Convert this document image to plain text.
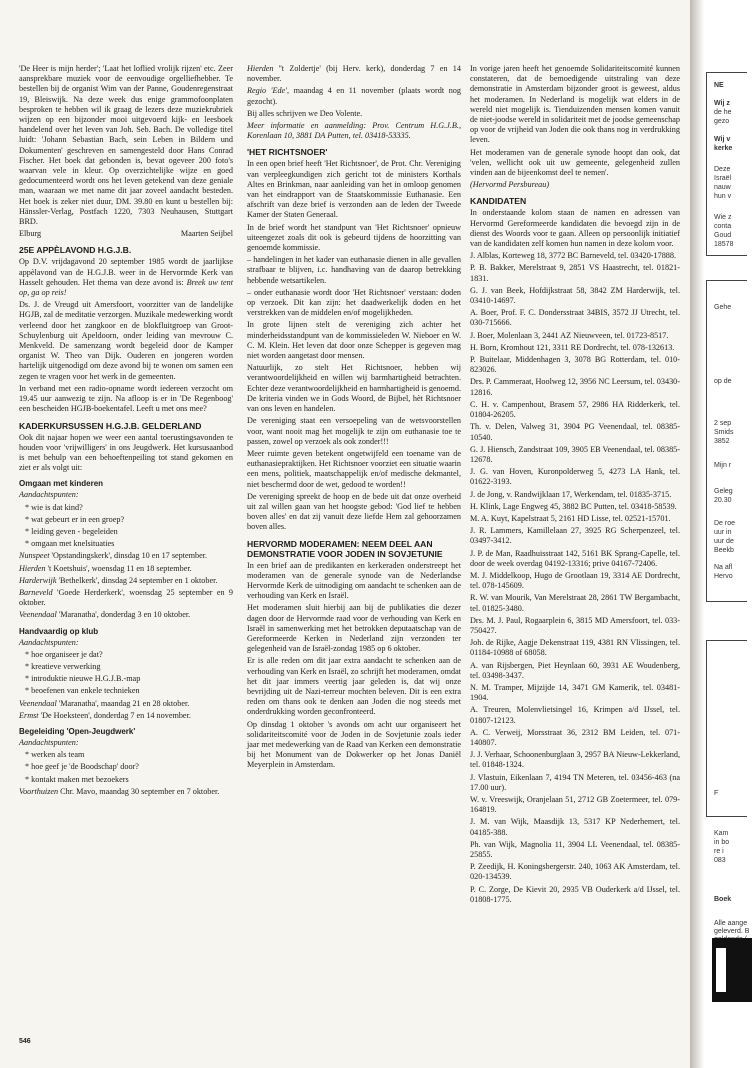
'De Heer is mijn herder'; 'Laat het loflied vrolijk rijzen' etc. Zeer aansprekbare muziek voor de eenvoudige orgelliefhebber. Te bestellen bij de organist Wim van der Panne, Goudenregenstraat 19, Bleiswijk. Na deze week dus enige grammofoonplaten besproken te hebben wil ik graag de lezers deze muziekrubriek wijzen op een bijzonder mooi uitgevoerd kijk- en leesboek handelend over het leven van Joh. Seb. Bach. De volledige titel luidt: 'Johann Sebastian Bach, sein Leben in Bildern und Dokumenten' geschreven en samengesteld door Hans Conrad Fischer. Het boek dat gebonden is, bevat ogeveer 200 foto's waarvan vele in kleur. Op overzichtelijke wijze en goed gedocumenteerd wordt ons het leven getekend van deze geniale man, waaraan we met name dit jaar zoveel aandacht besteden. Het boek is zeker niet duur, DM. 39.80 en kunt u bestellen bij: Hänssler-Verlag, Postfach 1220, 7303 Neuhausen, Stuttgart BRD.

Elburg	Maarten Seijbel
25E APPÈLAVOND H.G.J.B.

Op D.V. vrijdagavond 20 september 1985 wordt de jaarlijkse appèlavond van de H.G.J.B. weer in de Hervormde Kerk van Hasselt gehouden. Het thema van deze avond is: Breek uw tent op, ga op reis!

Ds. J. de Vreugd uit Amersfoort, voorzitter van de landelijke HGJB, zal de meditatie verzorgen. Muzikale medewerking wordt verleend door het zangkoor en de blokfluitgroep van Groot-Schuylenburg uit Apeldoorn, onder leiding van mevrouw C. Menkveld. De samenzang wordt begeleid door de Kamper organist W. Theo van Dijk. Ouderen en jongeren worden hartelijk uitgenodigd om deze avond bij te wonen om samen een zegen te vragen voor het werk in de gemeenten.

In verband met een radio-opname wordt iedereen verzocht om 19.45 uur aanwezig te zijn. Na afloop is er in 'De Regenboog' een bescheiden HGJB-boekentafel. Leeft u met ons mee?

KADERKURSUSSEN H.G.J.B. GELDERLAND

Ook dit najaar hopen we weer een aantal toerustingsavonden te houden voor 'vrijwilligers' in ons Jeugdwerk. Het kursusaanbod is met behulp van een behoeftenpeiling tot stand gekomen en ziet er als volgt uit:

Omgaan met kinderen

Aandachtspunten:

* wie is dat kind?

* wat gebeurt er in een groep?

* leiding geven - begeleiden

* omgaan met knelsituaties

Nunspeet 'Opstandingskerk', dinsdag 10 en 17 september.

Hierden 't Koetshuis', woensdag 11 en 18 september.

Harderwijk 'Bethelkerk', dinsdag 24 september en 1 oktober.

Barneveld 'Goede Herderkerk', woensdag 25 september en 9 oktober.

Veenendaal 'Maranatha', donderdag 3 en 10 oktober.

Handvaardig op klub

Aandachtspunten:

* hoe organiseer je dat?

* kreatieve verwerking

* introduktie nieuwe H.G.J.B.-map

* beoefenen van enkele technieken

Veenendaal 'Maranatha', maandag 21 en 28 oktober.

Ermst 'De Hoeksteen', donderdag 7 en 14 november.

Begeleiding 'Open-Jeugdwerk'

Aandachtspunten:

* werken als team

* hoe geef je 'de Boodschap' door?

* kontakt maken met bezoekers

Voorthuizen Chr. Mavo, maandag 30 september en 7 oktober.

Hierden ''t Zoldertje' (bij Herv. kerk), donderdag 7 en 14 november.

Regio 'Ede', maandag 4 en 11 november (plaats wordt nog gezocht).

Bij alles schrijven we Deo Volente.

Meer informatie en aanmelding: Prov. Centrum H.G.J.B., Korenlaan 10, 3881 DA Putten, tel. 03418-53335.

'HET RICHTSNOER'

In een open brief heeft 'Het Richtsnoer', de Prot. Chr. Vereniging van verpleegkundigen zich gericht tot de ministers Korthals Altes en Brinkman, naar aanleiding van het in omloop genomen van het eindrapport van de Staatskommissie Euthanasie. Een afschrift van deze brief is verzonden aan de leden der Tweede Kamer der Staten Generaal.

In de brief wordt het standpunt van 'Het Richtsnoer' opnieuw uiteengezet zoals dit ook is gebeurd tijdens de hoorzitting van genoemde kommissie.

– handelingen in het kader van euthanasie dienen in alle gevallen strafbaar te blijven, i.c. handhaving van de daarop betrekking hebbende wetsartikelen.

– onder euthanasie wordt door 'Het Richtsnoer' verstaan: doden op verzoek. Dit kan zijn: het daadwerkelijk doden en het verstrekken van de middelen en/of mogelijkheden.

In grote lijnen stelt de vereniging zich achter het minderheidsstandpunt van de kommissieleden W. Nieboer en W. C. M. Klein. Het leven dat door onze Schepper is gegeven mag niet worden aangetast door mensen.

Natuurlijk, zo stelt Het Richtsnoer, hebben wij verantwoordelijkheid en willen wij barmhartigheid betrachten. Echter deze verantwoordelijkheid en barmhartigheid is genoemd. De kriteria vinden we in Gods Woord, de Bijbel, hèt Richtsnoer van ons leven en handelen.

De vereniging staat een versoepeling van de wetsvoorstellen voor, want nooit mag het mogelijk te zijn om euthanasie toe te passen, zowel op verzoek als ook zonder!!!

Meer ruimte geven betekent ongetwijfeld een toename van de euthanasiepraktijken. Het Richtsnoer voorziet een situatie waarin een mens, politiek, maatschappelijk en/of medische dekmantel, niet beschermd door de wet, gedood te worden!!

De vereniging spreekt de hoop en de bede uit dat onze overheid uit zal willen gaan van het hoogste gebod: 'God lief te hebben boven alles' en dat zij vanuit deze liefde Hem zal gehoorzamen boven alles.

HERVORMD MODERAMEN: NEEM DEEL AAN DEMONSTRATIE VOOR JODEN IN SOVJETUNIE

In een brief aan de predikanten en kerkeraden onderstreept het moderamen van de generale synode van de Nederlandse Hervormde Kerk de uitnodiging om aandacht te schenken aan de verhouding van Kerk en Israël.

Het moderamen sluit hierbij aan bij de publikaties die dezer dagen door de Hervormde raad voor de verhouding van Kerk en Israël in samenwerking met het betrokken deputaatschap van de Gereformeerde Kerken in Nederland zijn verzonden ter gelegenheid van de Israël-zondag 1985 op 6 oktober.

Er is alle reden om dit jaar extra aandacht te schenken aan de verhouding van Kerk en Israël, zo schrijft het moderamen, omdat het dit jaar immers veertig jaar geleden is, dat wij onze bevrijding uit de Nazi-terreur mochten beleven. Dit is een extra reden om thans ook te denken aan Joden die nog steeds met onderdrukking worden geconfronteerd.

Op dinsdag 1 oktober 's avonds om acht uur organiseert het solidariteitscomité voor de Joden in de Sovjetunie zoals ieder jaar met medewerking van de Raad van Kerken een demonstratie bij het Monument van de Dokwerker op het Jonas Daniël Meyerplein in Amsterdam.

In vorige jaren heeft het genoemde Solidariteitscomité kunnen constateren, dat de bemoedigende uitstraling van deze demonstratie in Amsterdam bijzonder groot is geweest, aldus het moderamen. In Nederland is mogelijk wat elders in de wereld niet mogelijk is. Tienduizenden mensen komen vanuit de niet-joodse wereld in solidariteit met de joodse gemeenschap op voor de vrijheid van Joden die ook thans nog in verdrukking leven.

Het moderamen van de generale synode hoopt dan ook, dat 'velen, wellicht ook uit uw gemeente, gelegenheid zullen vinden aan de bijeenkomst deel te nemen'.

(Hervormd Persbureau)

KANDIDATEN

In onderstaande kolom staan de namen en adressen van Hervormd Gereformeerde kandidaten die bevoegd zijn in de dienst des Woords voor te gaan. Alleen op persoonlijk initiatief van de kandidaten zelf komen hun namen in deze kolom voor.

J. Alblas, Korteweg 18, 3772 BC Barneveld, tel. 03420-17888.

P. B. Bakker, Merelstraat 9, 2851 VS Haastrecht, tel. 01821-1831.

G. J. van Beek, Hofdijkstraat 58, 3842 ZM Harderwijk, tel. 03410-14697.

A. Boer, Prof. F. C. Dondersstraat 34BIS, 3572 JJ Utrecht, tel. 030-715666.

J. Boer, Molenlaan 3, 2441 AZ Nieuwveen, tel. 01723-8517.

H. Born, Kromhout 121, 3311 RE Dordrecht, tel. 078-132613.

P. Buitelaar, Middenhagen 3, 3078 BG Rotterdam, tel. 010-823026.

Drs. P. Cammeraat, Hoolweg 12, 3956 NC Leersum, tel. 03430-12816.

C. H. v. Campenhout, Brasem 57, 2986 HA Ridderkerk, tel. 01804-26205.

Th. v. Delen, Valweg 31, 3904 PG Veenendaal, tel. 08385-10540.

G. J. Hiensch, Zandstraat 109, 3905 EB Veenendaal, tel. 08385-12678.

J. G. van Hoven, Kuronpolderweg 5, 4273 LA Hank, tel. 01622-3193.

J. de Jong, v. Randwijklaan 17, Werkendam, tel. 01835-3715.

H. Klink, Lage Engweg 45, 3882 BC Putten, tel. 03418-58539.

M. A. Kuyt, Kapelstraat 5, 2161 HD Lisse, tel. 02521-15701.

J. R. Lammers, Kamillelaan 27, 3925 RG Scherpenzeel, tel. 03497-3412.

J. P. de Man, Raadhuisstraat 142, 5161 BK Sprang-Capelle, tel. door de week overdag 04192-13316; prive 04167-72406.

M. J. Middelkoop, Hugo de Grootlaan 19, 3314 AE Dordrecht, tel. 078-145609.

R. W. van Mourik, Van Merelstraat 28, 2861 TW Bergambacht, tel. 01825-3480.

Drs. M. J. Paul, Rogaarplein 6, 3815 MD Amersfoort, tel. 033-750427.

Joh. de Rijke, Aagje Dekenstraat 119, 4381 RN Vlissingen, tel. 01184-10988 of 68058.

A. van Rijsbergen, Piet Heynlaan 60, 3931 AE Woudenberg, tel. 03498-3437.

N. M. Tramper, Mijzijde 14, 3471 GM Kamerik, tel. 03481-1904.

A. Treuren, Molenvlietsingel 16, Krimpen a/d IJssel, tel. 01807-12123.

A. C. Verweij, Morsstraat 36, 2312 BM Leiden, tel. 071-140807.

J. J. Verhaar, Schoonenburglaan 3, 2957 BA Nieuw-Lekkerland, tel. 01848-1324.

J. Vlastuin, Eikenlaan 7, 4194 TN Meteren, tel. 03456-463 (na 17.00 uur).

W. v. Vreeswijk, Oranjelaan 51, 2712 GB Zoetermeer, tel. 079-164819.

J. M. van Wijk, Maasdijk 13, 5317 KP Nederhemert, tel. 04185-388.

Ph. van Wijk, Magnolia 11, 3904 LL Veenendaal, tel. 08385-25855.

P. Zeedijk, H. Koningsbergerstr. 240, 1063 AK Amsterdam, tel. 020-134539.

P. C. Zorge, De Kievit 20, 2935 VB Ouderkerk a/d IJssel, tel. 01808-1775.

546
NE
Wij z
de he
gezo
Wij v
kerke
Deze
Israël
nauw
hun v
Wie z
conta
Goud
18578
Gehe
op de
2 sep
Smids
3852
Mijn r
Geleg
20.30
De roe
uur in
uur de
Beekb
Na afl
Hervo
F
Kam
in bo
re i
083
Boek
Alle aange
geleverd. B
